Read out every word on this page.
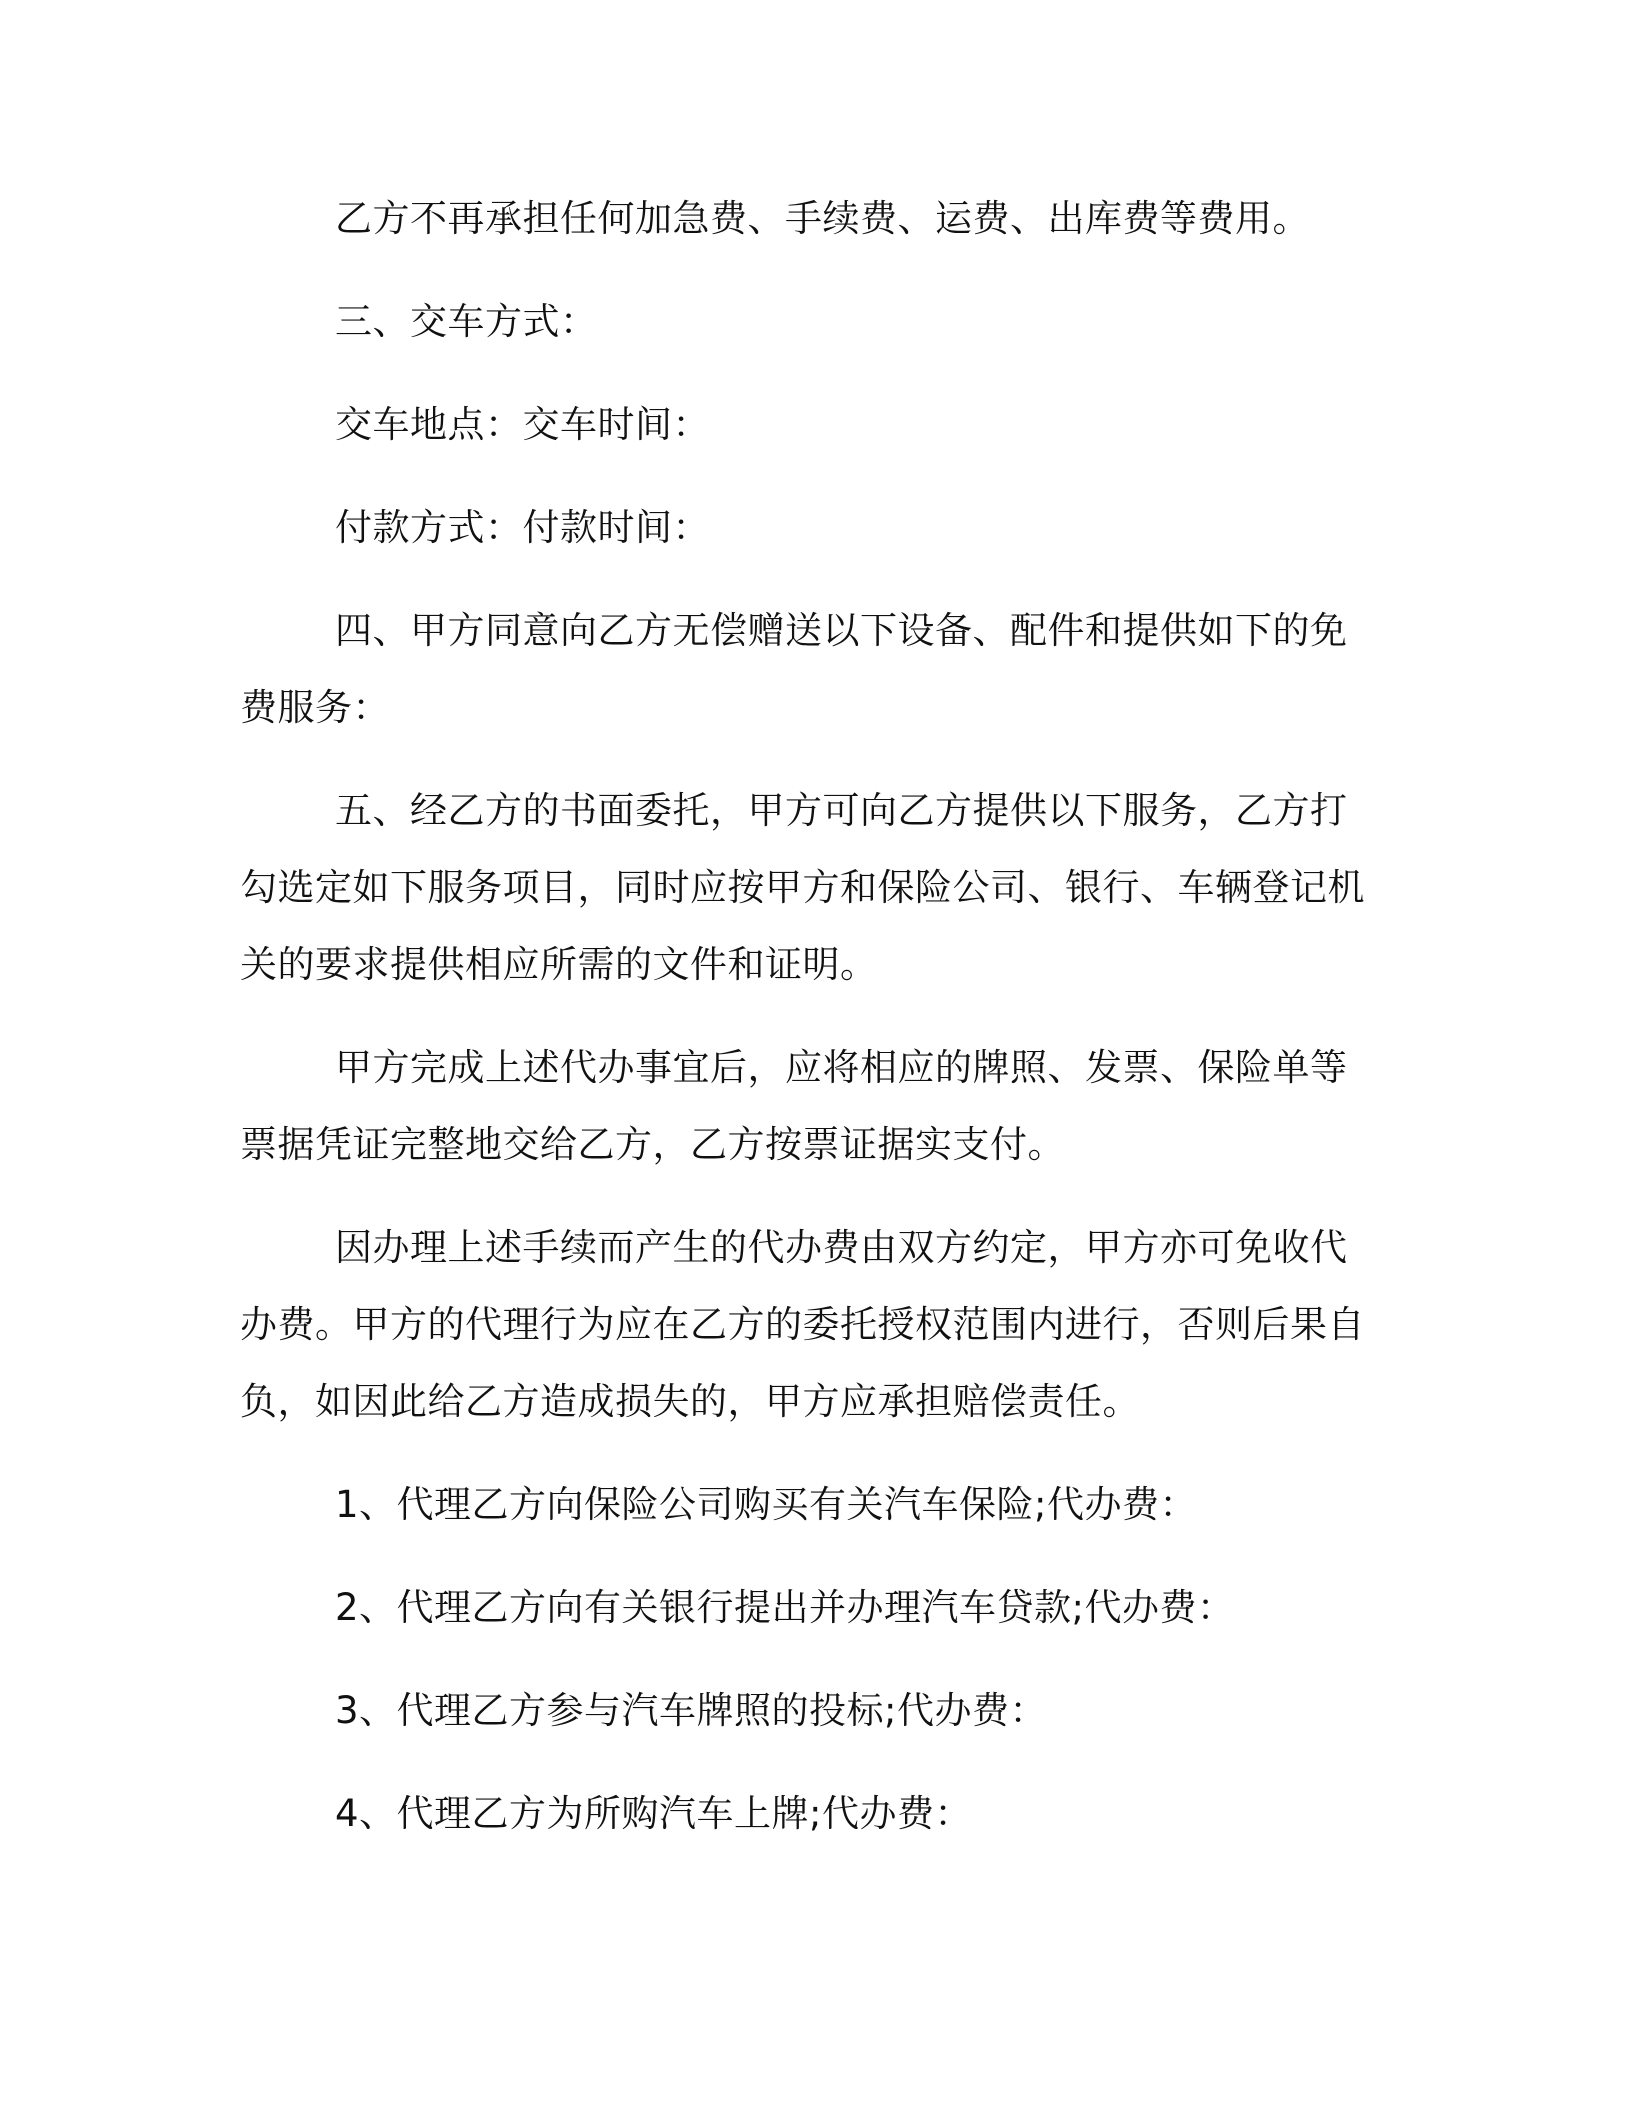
乙方不再承担任何加急费、手续费、运费、出库费等费用。

三、交车方式：

交车地点：交车时间：

付款方式：付款时间：

四、甲方同意向乙方无偿赠送以下设备、配件和提供如下的免费服务：

五、经乙方的书面委托，甲方可向乙方提供以下服务，乙方打勾选定如下服务项目，同时应按甲方和保险公司、银行、车辆登记机关的要求提供相应所需的文件和证明。

甲方完成上述代办事宜后，应将相应的牌照、发票、保险单等票据凭证完整地交给乙方，乙方按票证据实支付。

因办理上述手续而产生的代办费由双方约定，甲方亦可免收代办费。甲方的代理行为应在乙方的委托授权范围内进行，否则后果自负，如因此给乙方造成损失的，甲方应承担赔偿责任。

1、代理乙方向保险公司购买有关汽车保险;代办费：

2、代理乙方向有关银行提出并办理汽车贷款;代办费：

3、代理乙方参与汽车牌照的投标;代办费：

4、代理乙方为所购汽车上牌;代办费：
